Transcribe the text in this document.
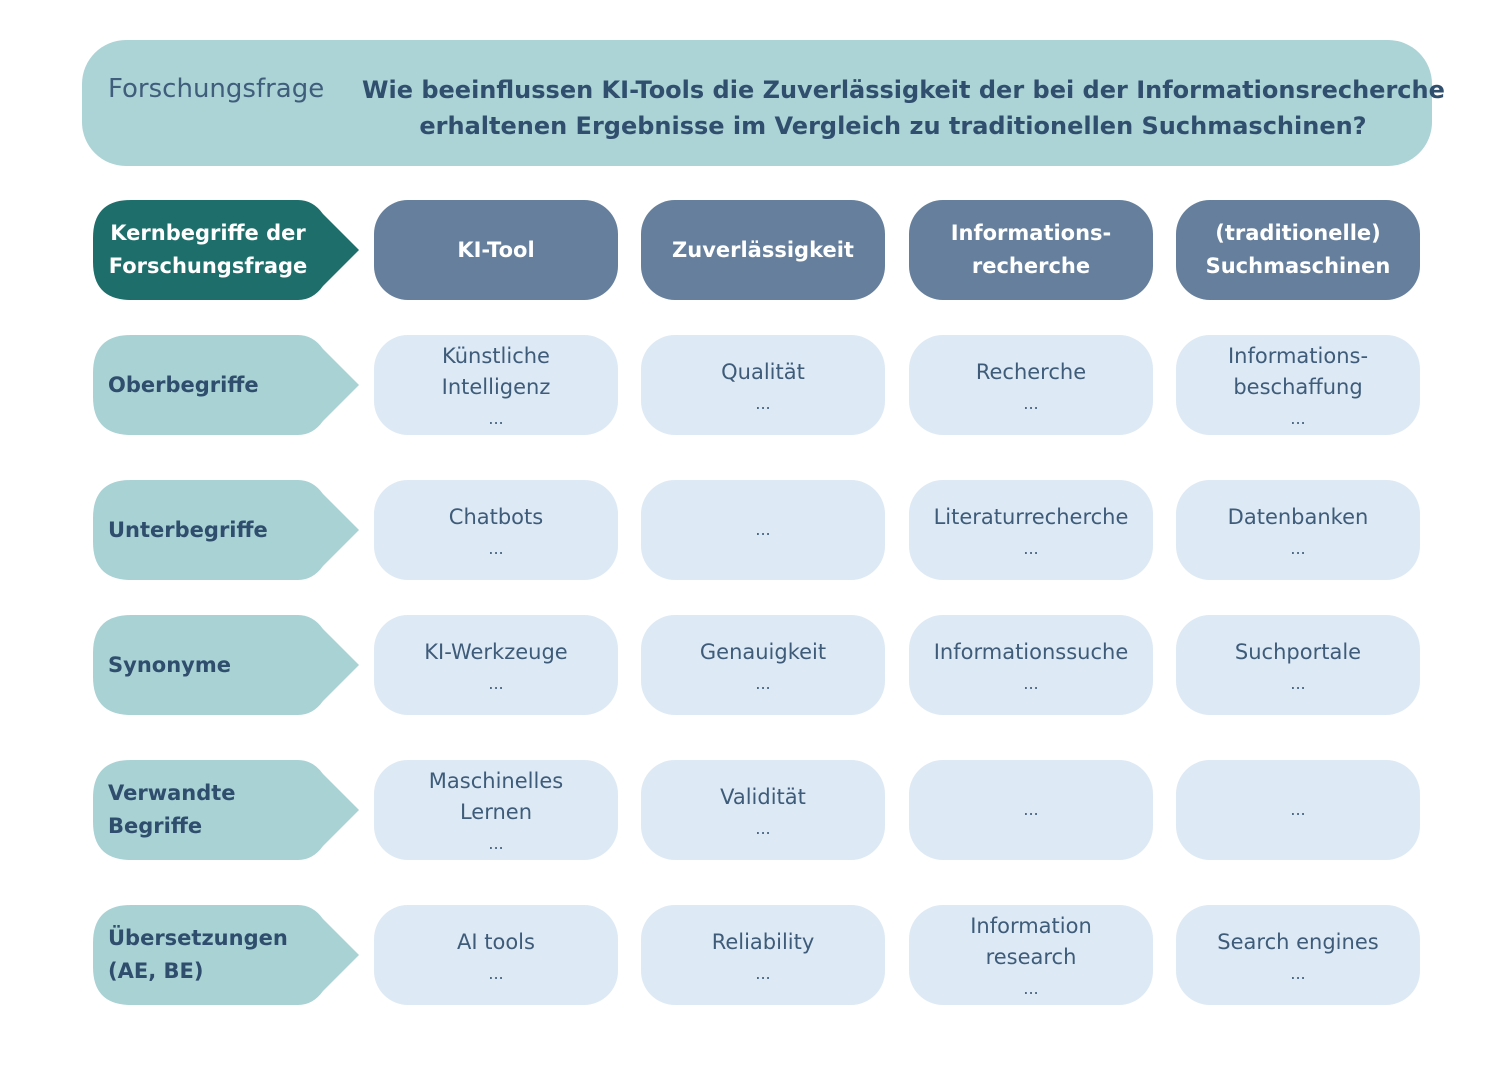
Forschungsfrage Wie beeinflussen KI-Tools die Zuverlässigkeit der bei der Informationsrecherche
erhaltenen Ergebnisse im Vergleich zu traditionellen Suchmaschinen?
Kernbegriffe der
Forschungsfrage
KI-Tool	Zuverlässigkeit
Informations-
recherche
(traditionelle)
Suchmaschinen
Oberbegriffe
Künstliche
Intelligenz
...
Qualität
...
Recherche
...
Informations-
beschaffung
...
Unterbegriffe
Chatbots
...
...
Literaturrecherche
...
Datenbanken
...
Synonyme
KI-Werkzeuge
...
Genauigkeit
...
Informationssuche
...
Suchportale
...
Verwandte
Begriffe
Maschinelles
Lernen
...
Validität
...
...	...
Übersetzungen
(AE, BE)
AI tools
...
Reliability
...
Information
research
...
Search engines
...
